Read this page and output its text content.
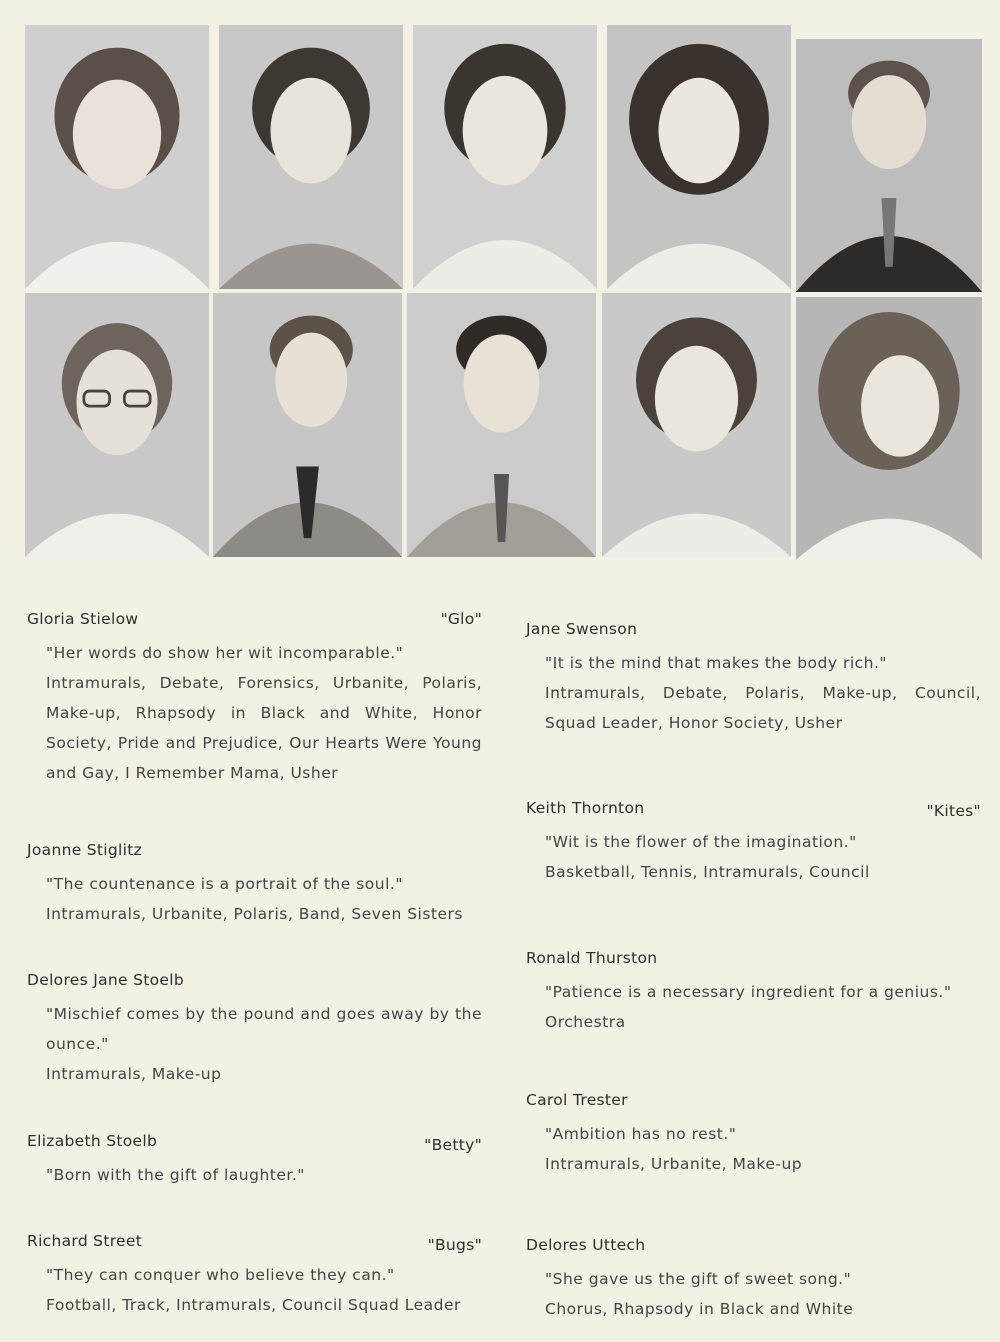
Gloria Stielow	"Glo"
"Her words do show her wit incomparable."
Intramurals, Debate, Forensics, Urbanite, Polaris, Make-up, Rhapsody in Black and White, Honor Society, Pride and Prejudice, Our Hearts Were Young and Gay, I Remember Mama, Usher
Joanne Stiglitz
"The countenance is a portrait of the soul."
Intramurals, Urbanite, Polaris, Band, Seven Sisters
Delores Jane Stoelb
"Mischief comes by the pound and goes away by the ounce."
Intramurals, Make-up
Elizabeth Stoelb	"Betty"
"Born with the gift of laughter."
Richard Street	"Bugs"
"They can conquer who believe they can."
Football, Track, Intramurals, Council Squad Leader
Jane Swenson
"It is the mind that makes the body rich."
Intramurals, Debate, Polaris, Make-up, Council, Squad Leader, Honor Society, Usher
Keith Thornton	"Kites"
"Wit is the flower of the imagination."
Basketball, Tennis, Intramurals, Council
Ronald Thurston
"Patience is a necessary ingredient for a genius."
Orchestra
Carol Trester
"Ambition has no rest."
Intramurals, Urbanite, Make-up
Delores Uttech
"She gave us the gift of sweet song."
Chorus, Rhapsody in Black and White
